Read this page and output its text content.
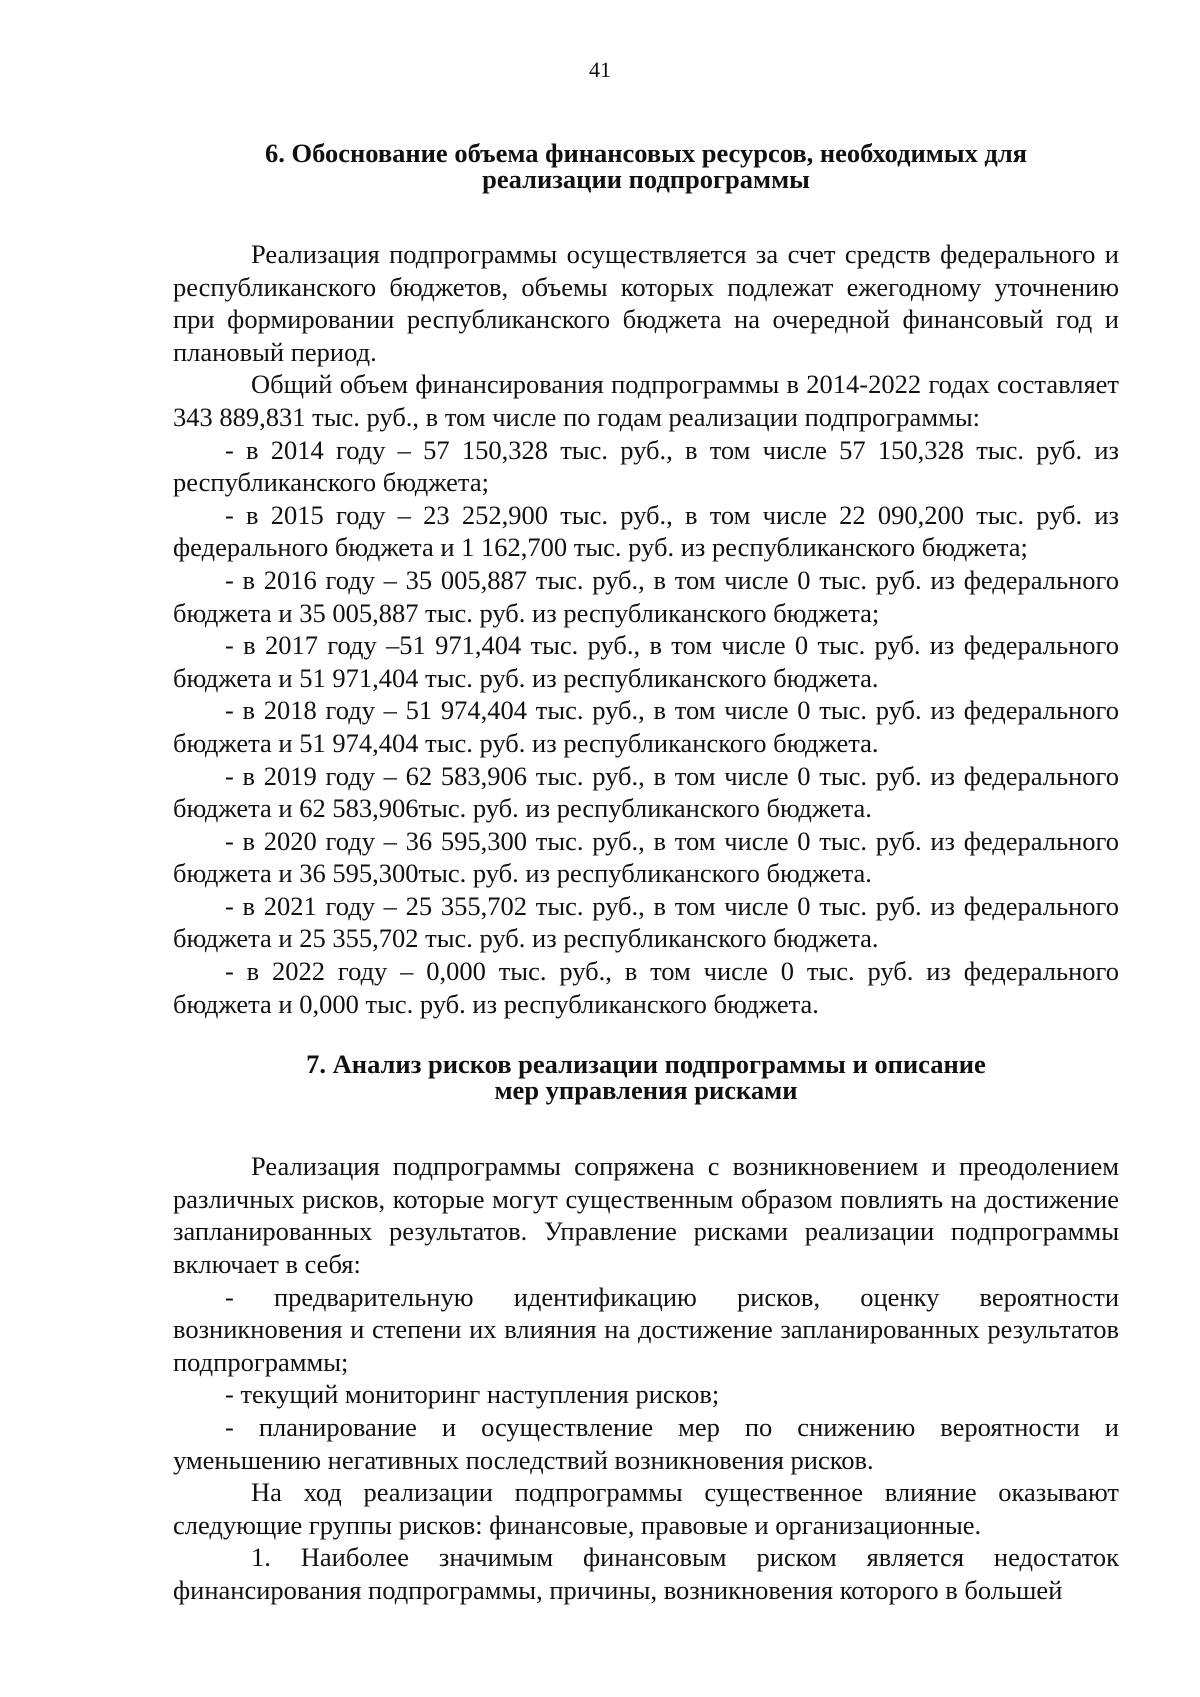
41
6. Обоснование объема финансовых ресурсов, необходимых для
реализации подпрограммы

Реализация подпрограммы осуществляется за счет средств федерального и республиканского бюджетов, объемы которых подлежат ежегодному уточнению при формировании республиканского бюджета на очередной финансовый год и плановый период.

Общий объем финансирования подпрограммы в 2014-2022 годах составляет 343 889,831 тыс. руб., в том числе по годам реализации подпрограммы:

- в 2014 году – 57 150,328 тыс. руб., в том числе 57 150,328 тыс. руб. из республиканского бюджета;

- в 2015 году – 23 252,900 тыс. руб., в том числе 22 090,200 тыс. руб. из федерального бюджета и 1 162,700 тыс. руб. из республиканского бюджета;

- в 2016 году – 35 005,887 тыс. руб., в том числе 0 тыс. руб. из федерального бюджета и 35 005,887 тыс. руб. из республиканского бюджета;

- в 2017 году –51 971,404 тыс. руб., в том числе 0 тыс. руб. из федерального бюджета и 51 971,404 тыс. руб. из республиканского бюджета.

- в 2018 году – 51 974,404 тыс. руб., в том числе 0 тыс. руб. из федерального бюджета и 51 974,404 тыс. руб. из республиканского бюджета.

- в 2019 году – 62 583,906 тыс. руб., в том числе 0 тыс. руб. из федерального бюджета и 62 583,906тыс. руб. из республиканского бюджета.

- в 2020 году – 36 595,300 тыс. руб., в том числе 0 тыс. руб. из федерального бюджета и 36 595,300тыс. руб. из республиканского бюджета.

- в 2021 году – 25 355,702 тыс. руб., в том числе 0 тыс. руб. из федерального бюджета и 25 355,702 тыс. руб. из республиканского бюджета.

- в 2022 году – 0,000 тыс. руб., в том числе 0 тыс. руб. из федерального бюджета и 0,000 тыс. руб. из республиканского бюджета.

7. Анализ рисков реализации подпрограммы и описание
мер управления рисками

Реализация подпрограммы сопряжена с возникновением и преодолением различных рисков, которые могут существенным образом повлиять на достижение запланированных результатов. Управление рисками реализации подпрограммы включает в себя:

- предварительную идентификацию рисков, оценку вероятности возникновения и степени их влияния на достижение запланированных результатов подпрограммы;

- текущий мониторинг наступления рисков;

- планирование и осуществление мер по снижению вероятности и уменьшению негативных последствий возникновения рисков.

На ход реализации подпрограммы существенное влияние оказывают следующие группы рисков: финансовые, правовые и организационные.

1. Наиболее значимым финансовым риском является недостаток финансирования подпрограммы, причины, возникновения которого в большей
